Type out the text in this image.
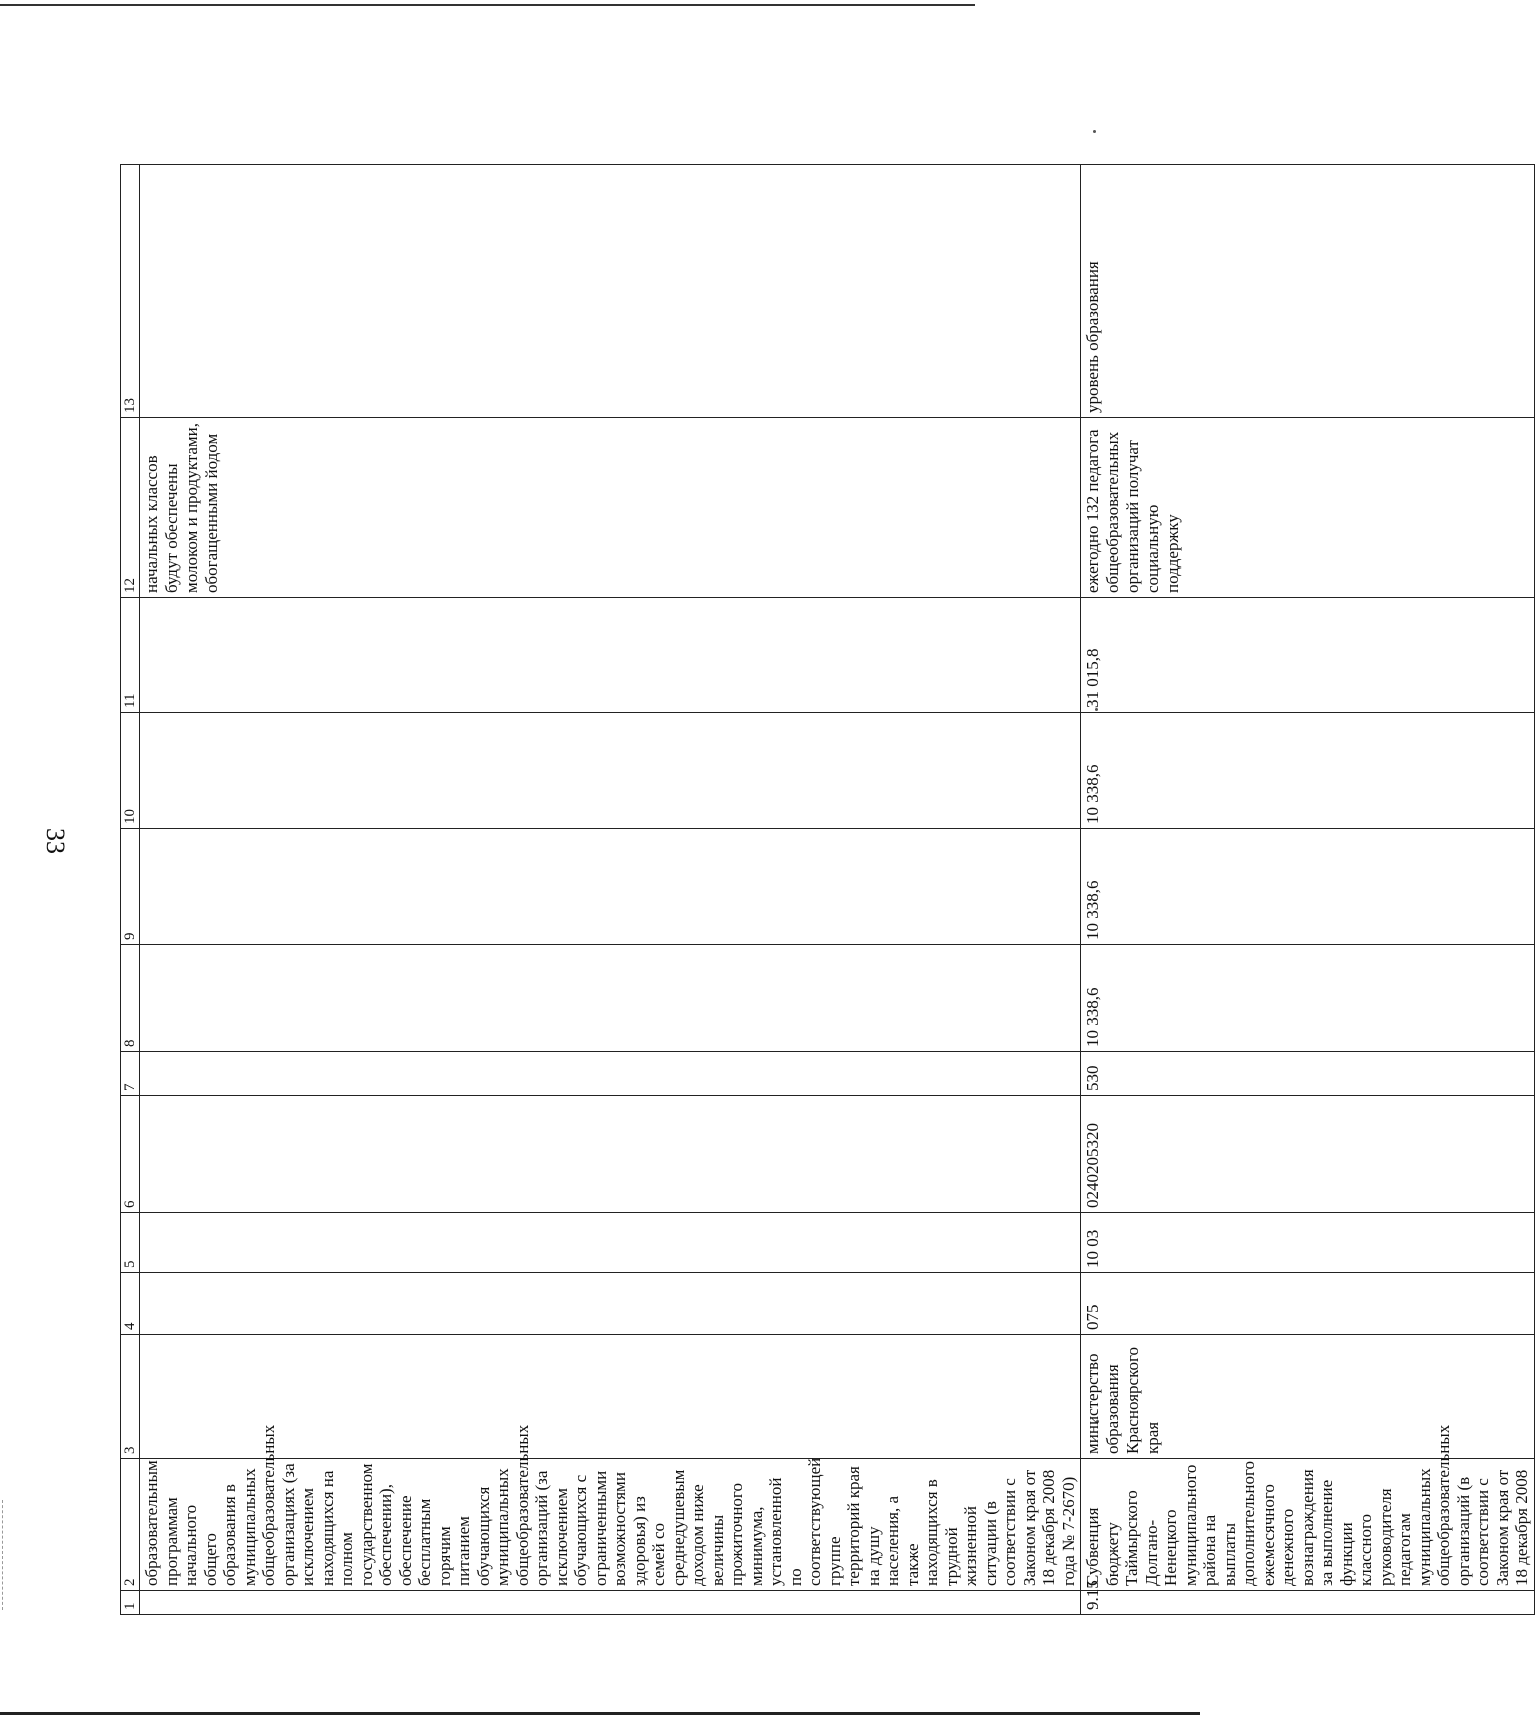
33
1	2	3	4	5	6	7	8	9	10	11	12	13
	образовательным программам начального общего образования в муниципальных общеобразовательных организациях (за исключением находящихся на полном государственном обеспечении), обеспечение бесплатным горячим питанием обучающихся муниципальных общеобразовательных организаций (за исключением обучающихся с ограниченными возможностями здоровья) из семей со среднедушевым доходом ниже величины прожиточного минимума, установленной по соответствующей группе территорий края на душу населения, а также находящихся в трудной жизненной ситуации (в соответствии с Законом края от 18 декабря 2008 года № 7-2670)										начальных классов будут обеспечены молоком и продуктами, обогащенными йодом	
9.15	Субвенция бюджету Таймырского Долгано-Ненецкого муниципального района на выплаты дополнительного ежемесячного денежного вознаграждения за выполнение функции классного руководителя педагогам муниципальных общеобразовательных организаций (в соответствии с Законом края от 18 декабря 2008	министерство образования Красноярского края	075	10 03	0240205320	530	10 338,6	10 338,6	10 338,6	31 015,8	ежегодно 132 педагога общеобразовательных организаций получат социальную поддержку	уровень образования
